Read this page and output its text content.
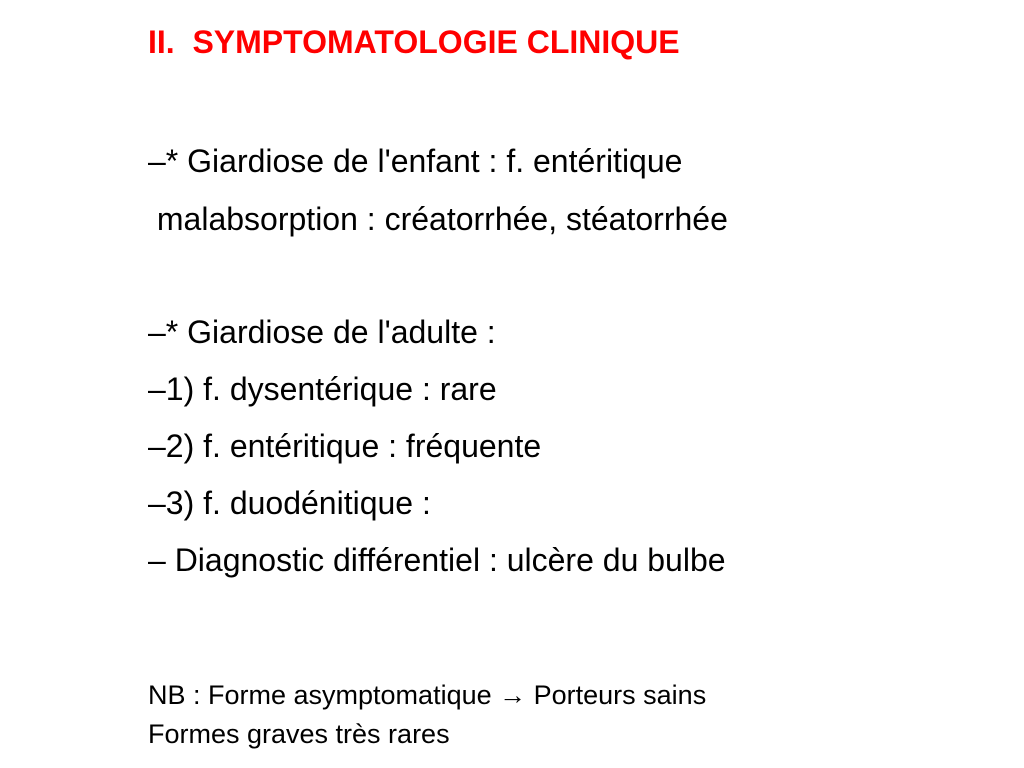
II.  SYMPTOMATOLOGIE CLINIQUE
–* Giardiose de l'enfant : f. entéritique
malabsorption : créatorrhée, stéatorrhée
–* Giardiose de l'adulte :
–1) f. dysentérique : rare
–2) f. entéritique : fréquente
–3) f. duodénitique :
– Diagnostic différentiel : ulcère du bulbe
NB : Forme asymptomatique → Porteurs sains
Formes graves très rares
